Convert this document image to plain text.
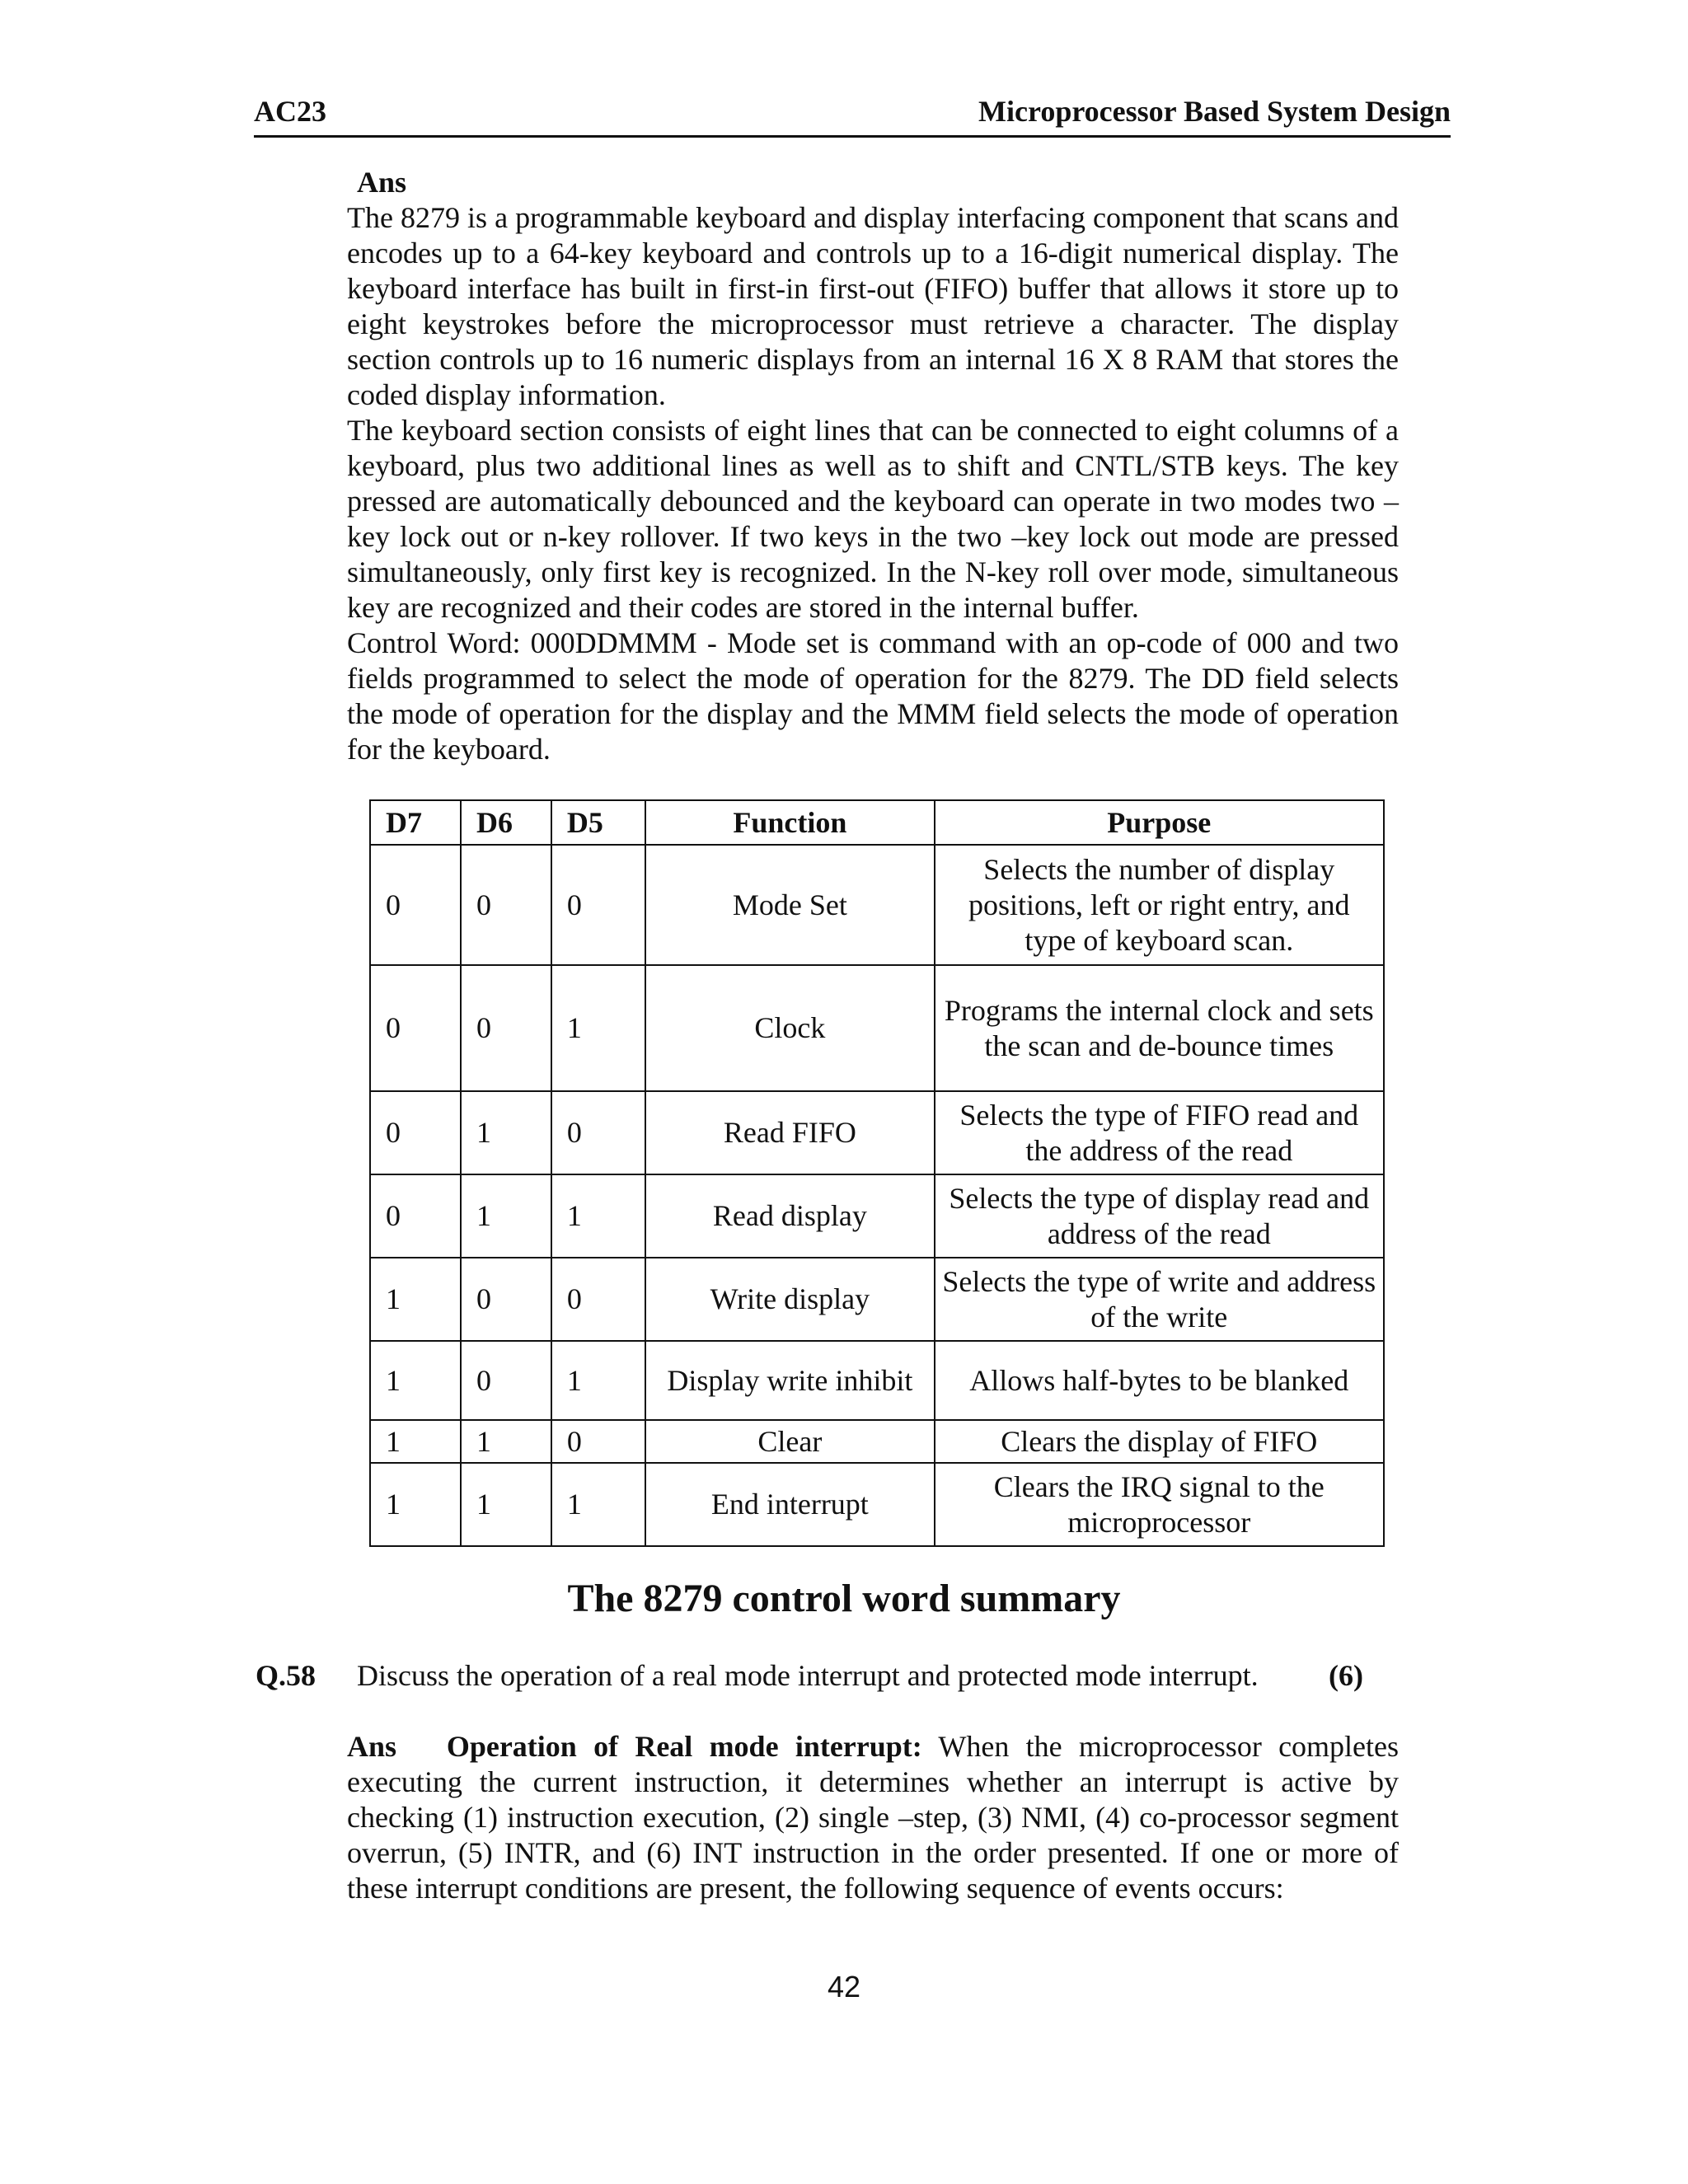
AC23	Microprocessor Based System Design
Ans

The 8279 is a programmable keyboard and display interfacing component that scans and encodes up to a 64-key keyboard and controls up to a 16-digit numerical display. The keyboard interface has built in first-in first-out (FIFO) buffer that allows it store up to eight keystrokes before the microprocessor must retrieve a character. The display section controls up to 16 numeric displays from an internal 16 X 8 RAM that stores the coded display information.

The keyboard section consists of eight lines that can be connected to eight columns of a keyboard, plus two additional lines as well as to shift and CNTL/STB keys. The key pressed are automatically debounced and the keyboard can operate in two modes two –key lock out or n-key rollover. If two keys in the two –key lock out mode are pressed simultaneously, only first key is recognized. In the N-key roll over mode, simultaneous key are recognized and their codes are stored in the internal buffer.

Control Word: 000DDMMM - Mode set is command with an op-code of 000 and two fields programmed to select the mode of operation for the 8279. The DD field selects the mode of operation for the display and the MMM field selects the mode of operation for the keyboard.

D7	D6	D5	Function	Purpose
0	0	0	Mode Set	Selects the number of display positions, left or right entry, and type of keyboard scan.
0	0	1	Clock	Programs the internal clock and sets the scan and de-bounce times
0	1	0	Read FIFO	Selects the type of FIFO read and the address of the read
0	1	1	Read display	Selects the type of display read and address of the read
1	0	0	Write display	Selects the type of write and address of the write
1	0	1	Display write inhibit	Allows half-bytes to be blanked
1	1	0	Clear	Clears the display of FIFO
1	1	1	End interrupt	Clears the IRQ signal to the microprocessor
The 8279 control word summary
Q.58 Discuss the operation of a real mode interrupt and protected mode interrupt. (6)

Ans Operation of Real mode interrupt: When the microprocessor completes executing the current instruction, it determines whether an interrupt is active by checking (1) instruction execution, (2) single –step, (3) NMI, (4) co-processor segment overrun, (5) INTR, and (6) INT instruction in the order presented. If one or more of these interrupt conditions are present, the following sequence of events occurs:

42
